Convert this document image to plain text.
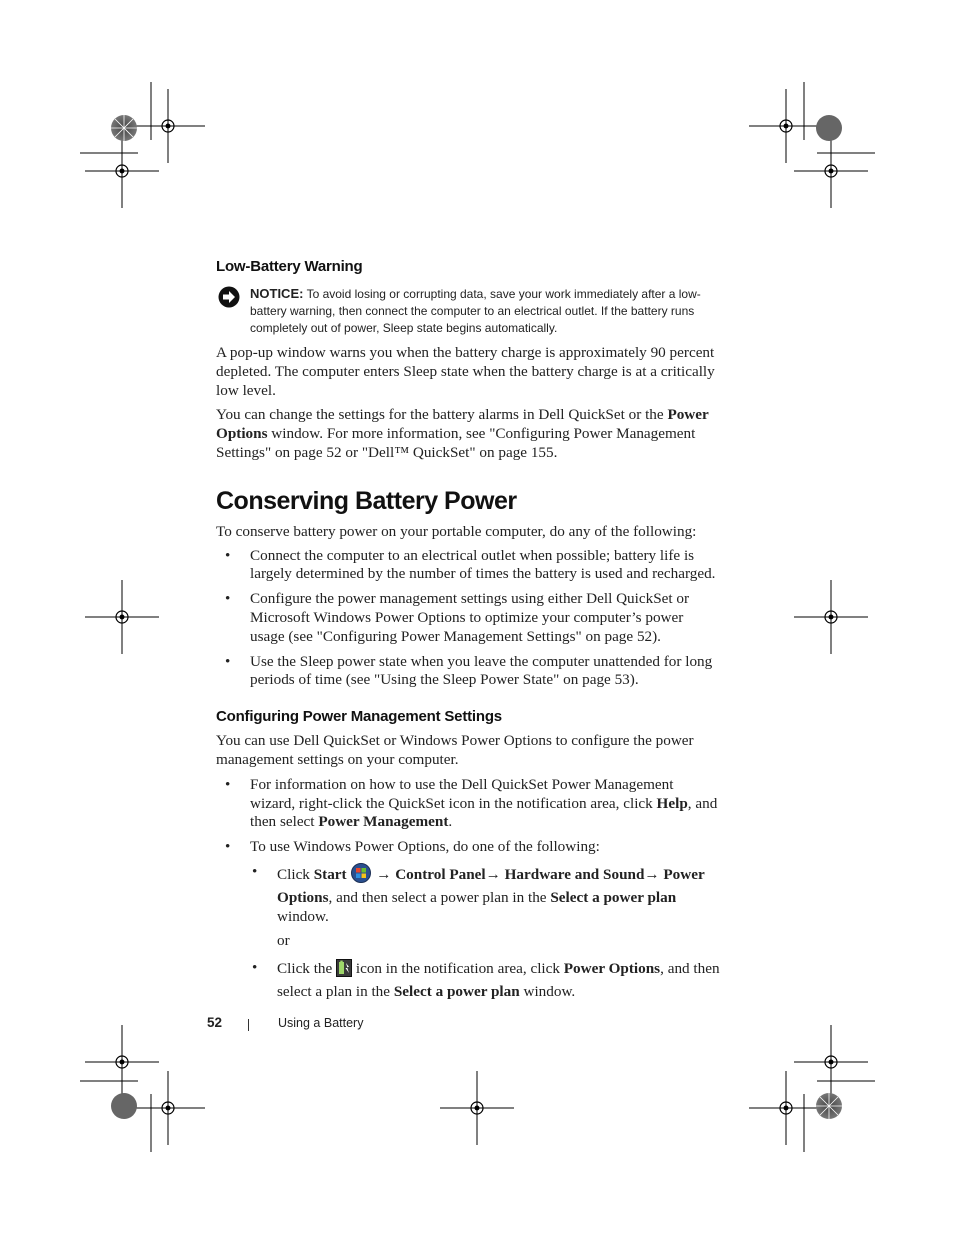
Low-Battery Warning
NOTICE: To avoid losing or corrupting data, save your work immediately after a low-battery warning, then connect the computer to an electrical outlet. If the battery runs completely out of power, Sleep state begins automatically.

A pop-up window warns you when the battery charge is approximately 90 percent depleted. The computer enters Sleep state when the battery charge is at a critically low level.

You can change the settings for the battery alarms in Dell QuickSet or the Power Options window. For more information, see "Configuring Power Management Settings" on page 52 or "Dell™ QuickSet" on page 155.

Conserving Battery Power

To conserve battery power on your portable computer, do any of the following:

• Connect the computer to an electrical outlet when possible; battery life is largely determined by the number of times the battery is used and recharged.
• Configure the power management settings using either Dell QuickSet or Microsoft Windows Power Options to optimize your computer’s power usage (see "Configuring Power Management Settings" on page 52).
• Use the Sleep power state when you leave the computer unattended for long periods of time (see "Using the Sleep Power State" on page 53).
Configuring Power Management Settings

You can use Dell QuickSet or Windows Power Options to configure the power management settings on your computer.

• For information on how to use the Dell QuickSet Power Management wizard, right-click the QuickSet icon in the notification area, click Help, and then select Power Management.
• To use Windows Power Options, do one of the following:
• Click Start → Control Panel→ Hardware and Sound→ Power Options, and then select a power plan in the Select a power plan window.
or
• Click the icon in the notification area, click Power Options, and then select a plan in the Select a power plan window.
52	Using a Battery
